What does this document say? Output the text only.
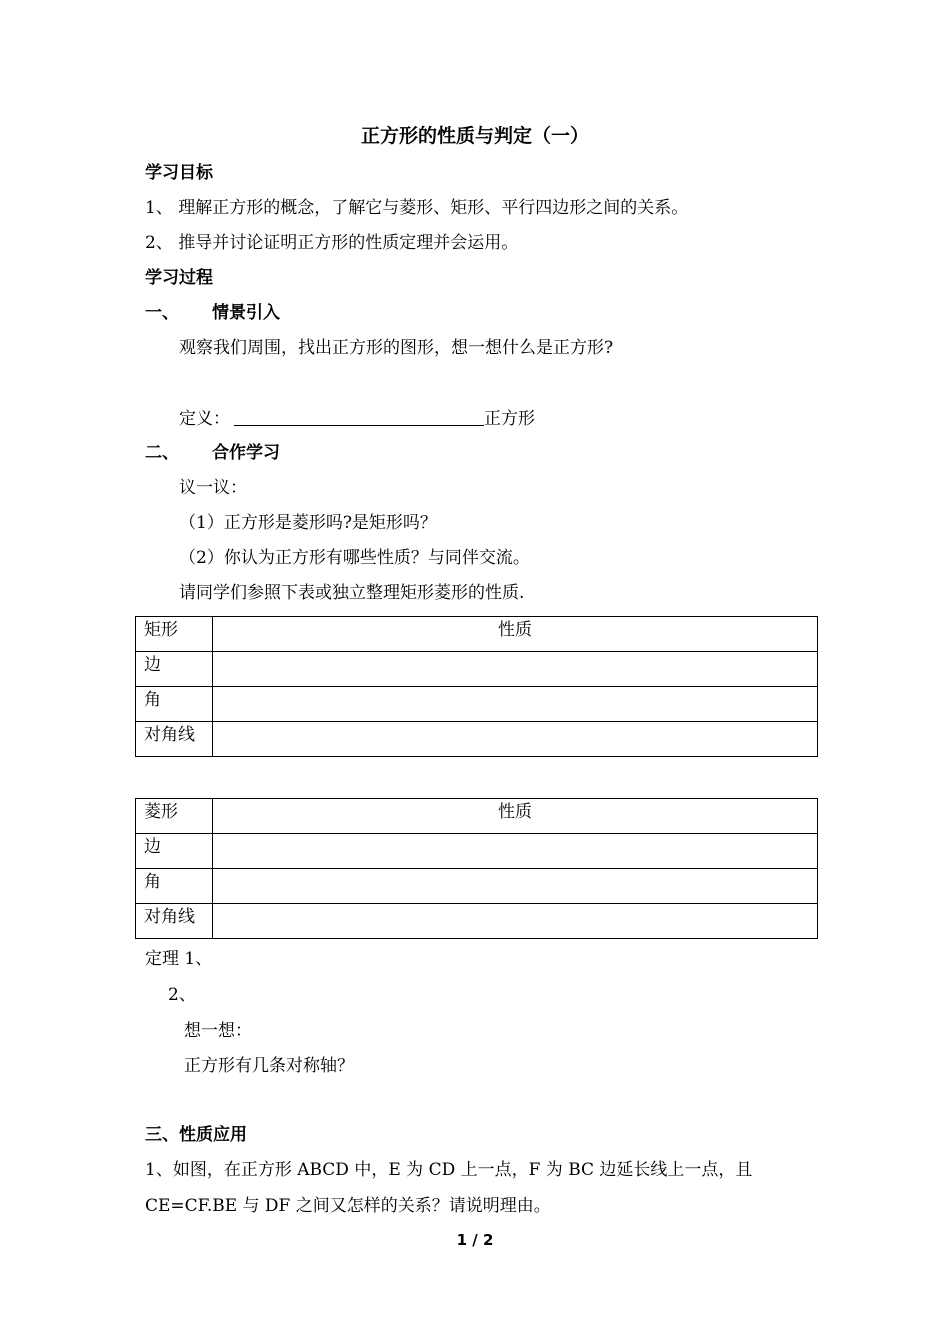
正方形的性质与判定（一）
学习目标
1、 理解正方形的概念，了解它与菱形、矩形、平行四边形之间的关系。
2、 推导并讨论证明正方形的性质定理并会运用。
学习过程
一、 情景引入
观察我们周围，找出正方形的图形，想一想什么是正方形?
定义：	正方形
二、 合作学习
议一议：
（1）正方形是菱形吗?是矩形吗？
（2）你认为正方形有哪些性质？与同伴交流。
请同学们参照下表或独立整理矩形菱形的性质.
矩形	性质
边	
角	
对角线	
菱形	性质
边	
角	
对角线	
定理 1、
2、
想一想：
正方形有几条对称轴？
三、性质应用
1、如图，在正方形 ABCD 中，E 为 CD 上一点，F 为 BC 边延长线上一点，且
CE=CF.BE 与 DF 之间又怎样的关系？请说明理由。
1 / 2
